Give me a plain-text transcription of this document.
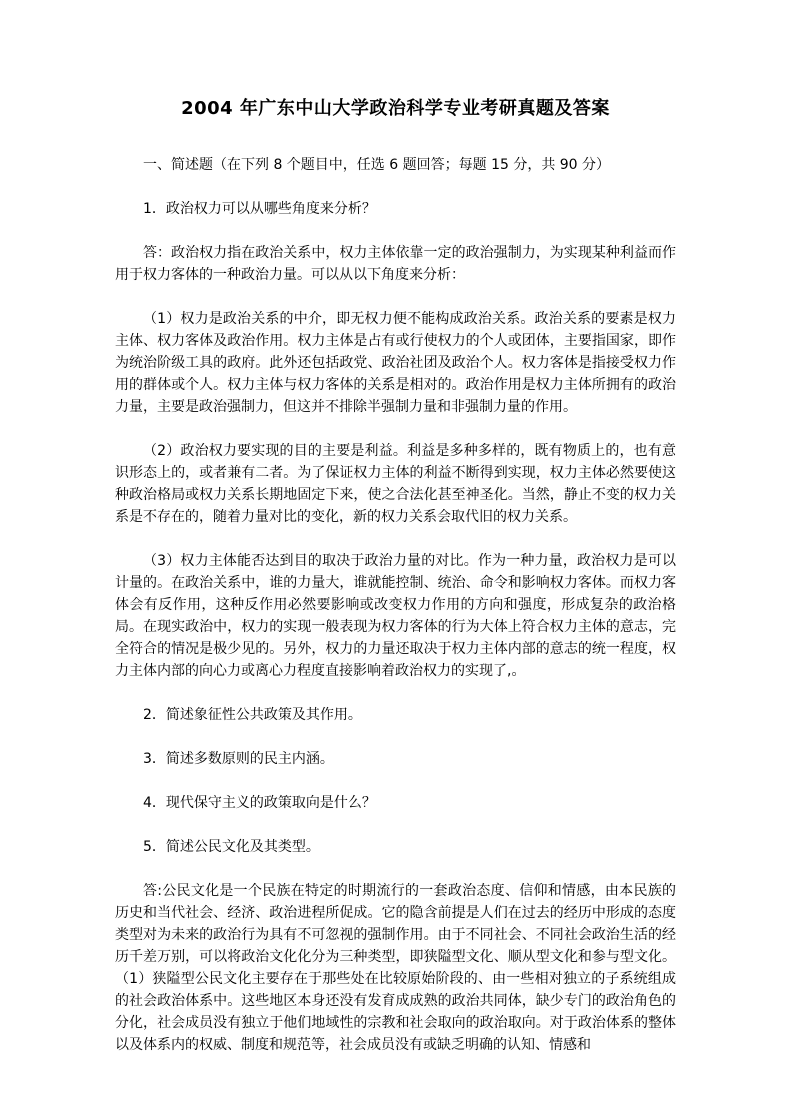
2004 年广东中山大学政治科学专业考研真题及答案

一、简述题（在下列 8 个题目中，任选 6 题回答；每题 15 分，共 90 分）

1．政治权力可以从哪些角度来分析？

答：政治权力指在政治关系中，权力主体依靠一定的政治强制力，为实现某种利益而作用于权力客体的一种政治力量。可以从以下角度来分析：

（1）权力是政治关系的中介，即无权力便不能构成政治关系。政治关系的要素是权力主体、权力客体及政治作用。权力主体是占有或行使权力的个人或团体，主要指国家，即作为统治阶级工具的政府。此外还包括政党、政治社团及政治个人。权力客体是指接受权力作用的群体或个人。权力主体与权力客体的关系是相对的。政治作用是权力主体所拥有的政治力量，主要是政治强制力，但这并不排除半强制力量和非强制力量的作用。

（2）政治权力要实现的目的主要是利益。利益是多种多样的，既有物质上的，也有意识形态上的，或者兼有二者。为了保证权力主体的利益不断得到实现，权力主体必然要使这种政治格局或权力关系长期地固定下来，使之合法化甚至神圣化。当然，静止不变的权力关系是不存在的，随着力量对比的变化，新的权力关系会取代旧的权力关系。

（3）权力主体能否达到目的取决于政治力量的对比。作为一种力量，政治权力是可以计量的。在政治关系中，谁的力量大，谁就能控制、统治、命令和影响权力客体。而权力客体会有反作用，这种反作用必然要影响或改变权力作用的方向和强度，形成复杂的政治格局。在现实政治中，权力的实现一般表现为权力客体的行为大体上符合权力主体的意志，完全符合的情况是极少见的。另外，权力的力量还取决于权力主体内部的意志的统一程度，权力主体内部的向心力或离心力程度直接影响着政治权力的实现了,。

2．简述象征性公共政策及其作用。

3．简述多数原则的民主内涵。

4．现代保守主义的政策取向是什么？

5．简述公民文化及其类型。

答:公民文化是一个民族在特定的时期流行的一套政治态度、信仰和情感，由本民族的历史和当代社会、经济、政治进程所促成。它的隐含前提是人们在过去的经历中形成的态度类型对为未来的政治行为具有不可忽视的强制作用。由于不同社会、不同社会政治生活的经历千差万别，可以将政治文化化分为三种类型，即狭隘型文化、顺从型文化和参与型文化。（1）狭隘型公民文化主要存在于那些处在比较原始阶段的、由一些相对独立的子系统组成的社会政治体系中。这些地区本身还没有发育成成熟的政治共同体，缺少专门的政治角色的分化，社会成员没有独立于他们地域性的宗教和社会取向的政治取向。对于政治体系的整体以及体系内的权威、制度和规范等，社会成员没有或缺乏明确的认知、情感和
